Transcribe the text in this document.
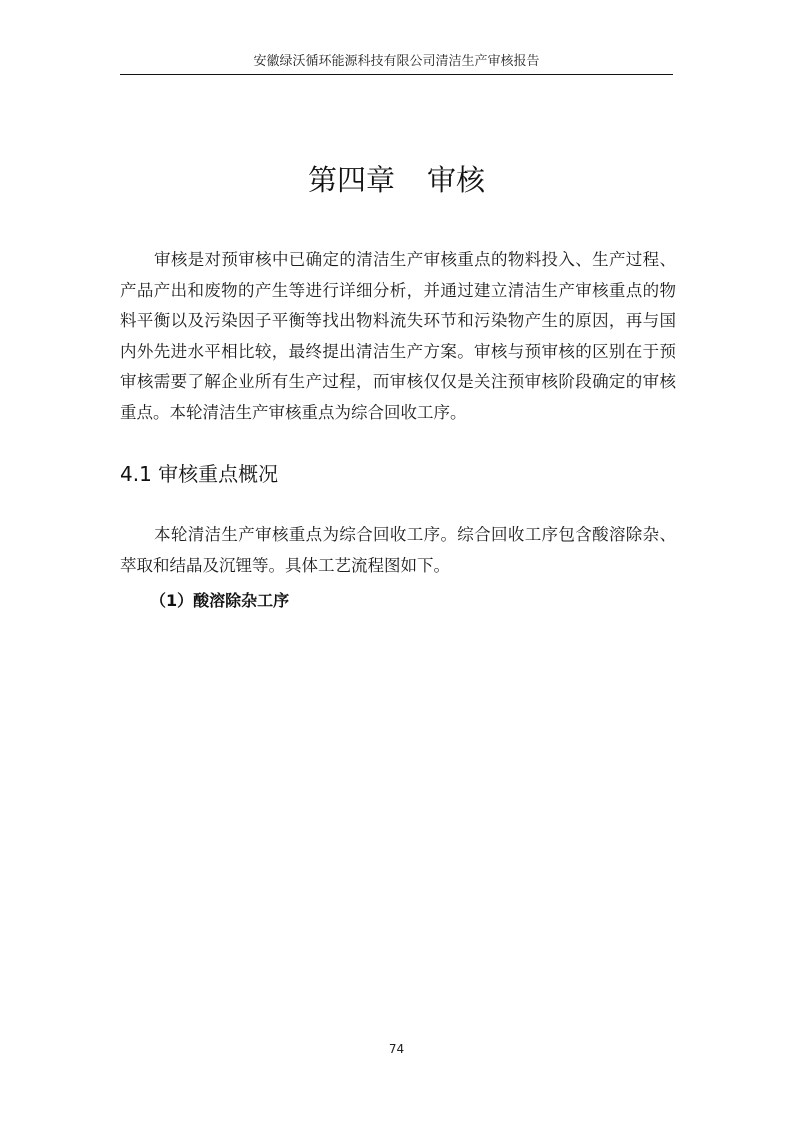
安徽绿沃循环能源科技有限公司清洁生产审核报告
第四章 审核

审核是对预审核中已确定的清洁生产审核重点的物料投入、生产过程、产品产出和废物的产生等进行详细分析，并通过建立清洁生产审核重点的物料平衡以及污染因子平衡等找出物料流失环节和污染物产生的原因，再与国内外先进水平相比较，最终提出清洁生产方案。审核与预审核的区别在于预审核需要了解企业所有生产过程，而审核仅仅是关注预审核阶段确定的审核重点。本轮清洁生产审核重点为综合回收工序。

4.1 审核重点概况

本轮清洁生产审核重点为综合回收工序。综合回收工序包含酸溶除杂、萃取和结晶及沉锂等。具体工艺流程图如下。

（1）酸溶除杂工序
74
